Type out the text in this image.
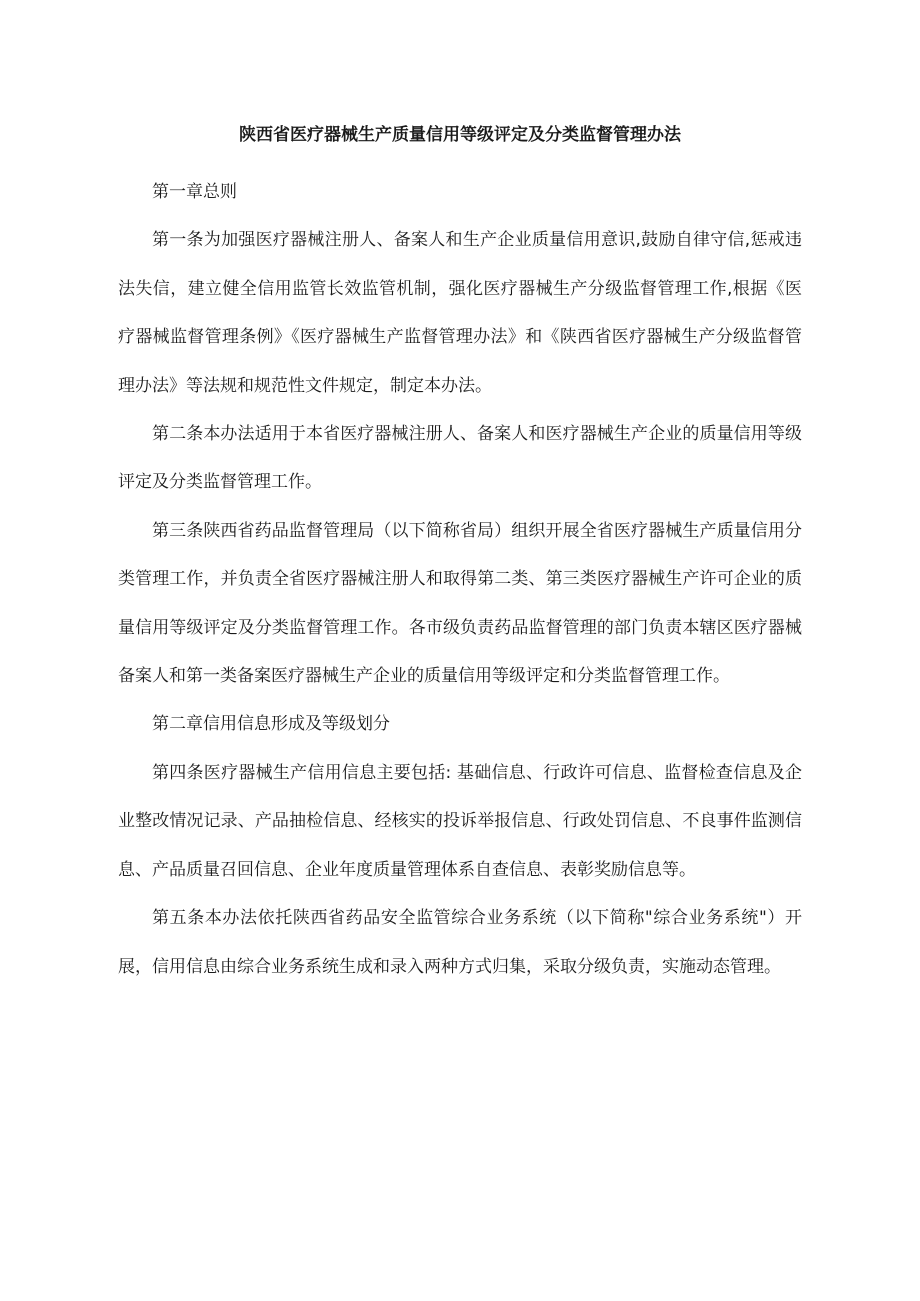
陕西省医疗器械生产质量信用等级评定及分类监督管理办法

第一章总则

第一条为加强医疗器械注册人、备案人和生产企业质量信用意识,鼓励自律守信,惩戒违法失信，建立健全信用监管长效监管机制，强化医疗器械生产分级监督管理工作,根据《医疗器械监督管理条例》《医疗器械生产监督管理办法》和《陕西省医疗器械生产分级监督管理办法》等法规和规范性文件规定，制定本办法。

第二条本办法适用于本省医疗器械注册人、备案人和医疗器械生产企业的质量信用等级评定及分类监督管理工作。

第三条陕西省药品监督管理局（以下简称省局）组织开展全省医疗器械生产质量信用分类管理工作，并负责全省医疗器械注册人和取得第二类、第三类医疗器械生产许可企业的质量信用等级评定及分类监督管理工作。各市级负责药品监督管理的部门负责本辖区医疗器械备案人和第一类备案医疗器械生产企业的质量信用等级评定和分类监督管理工作。

第二章信用信息形成及等级划分

第四条医疗器械生产信用信息主要包括: 基础信息、行政许可信息、监督检查信息及企业整改情况记录、产品抽检信息、经核实的投诉举报信息、行政处罚信息、不良事件监测信息、产品质量召回信息、企业年度质量管理体系自查信息、表彰奖励信息等。

第五条本办法依托陕西省药品安全监管综合业务系统（以下简称"综合业务系统"）开展，信用信息由综合业务系统生成和录入两种方式归集，采取分级负责，实施动态管理。
